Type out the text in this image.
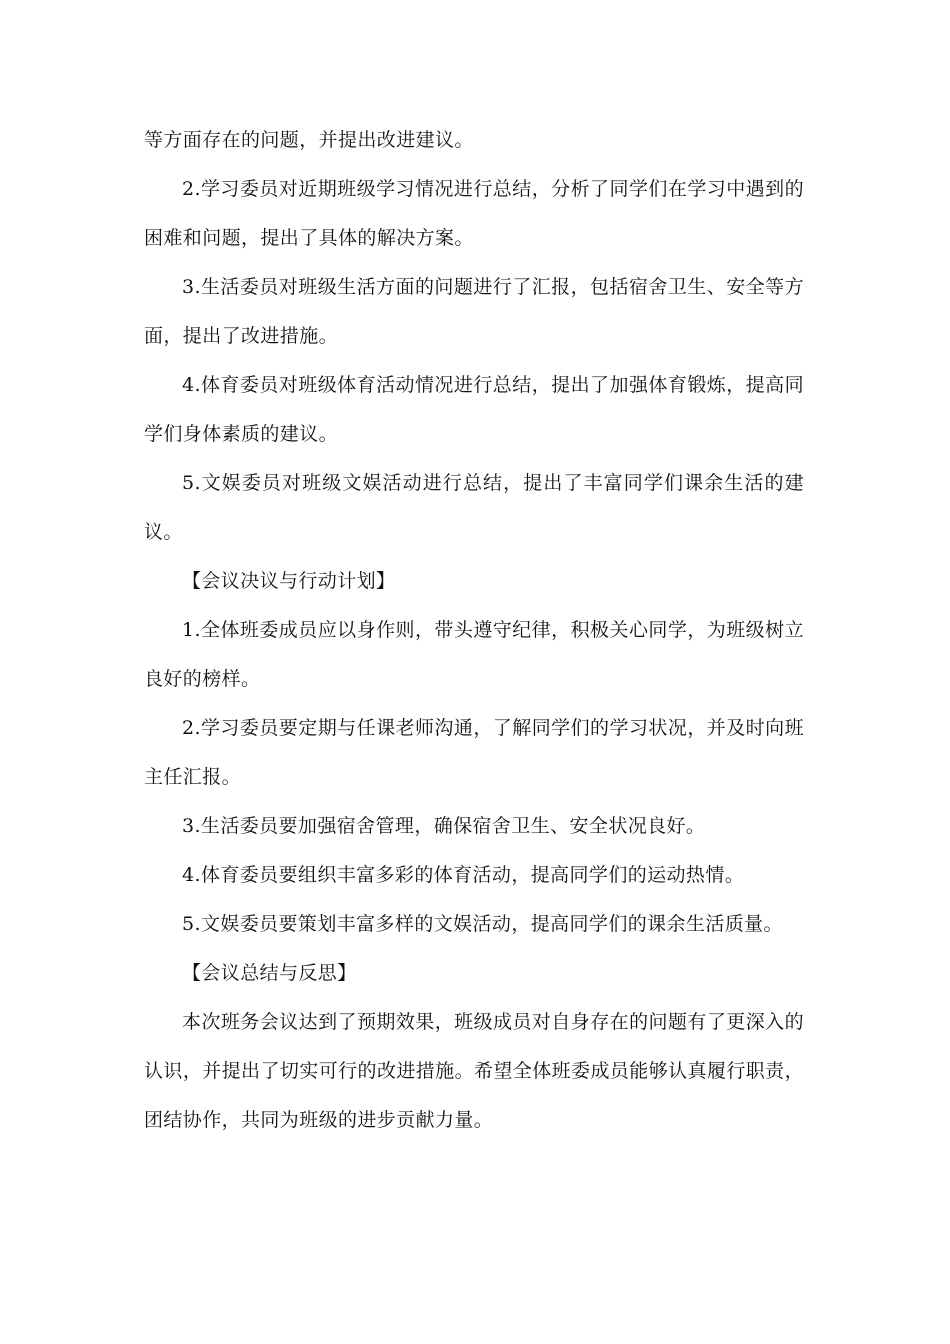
等方面存在的问题，并提出改进建议。

2.学习委员对近期班级学习情况进行总结，分析了同学们在学习中遇到的困难和问题，提出了具体的解决方案。

3.生活委员对班级生活方面的问题进行了汇报，包括宿舍卫生、安全等方面，提出了改进措施。

4.体育委员对班级体育活动情况进行总结，提出了加强体育锻炼，提高同学们身体素质的建议。

5.文娱委员对班级文娱活动进行总结，提出了丰富同学们课余生活的建议。

【会议决议与行动计划】

1.全体班委成员应以身作则，带头遵守纪律，积极关心同学，为班级树立良好的榜样。

2.学习委员要定期与任课老师沟通，了解同学们的学习状况，并及时向班主任汇报。

3.生活委员要加强宿舍管理，确保宿舍卫生、安全状况良好。

4.体育委员要组织丰富多彩的体育活动，提高同学们的运动热情。

5.文娱委员要策划丰富多样的文娱活动，提高同学们的课余生活质量。

【会议总结与反思】

本次班务会议达到了预期效果，班级成员对自身存在的问题有了更深入的认识，并提出了切实可行的改进措施。希望全体班委成员能够认真履行职责，团结协作，共同为班级的进步贡献力量。
